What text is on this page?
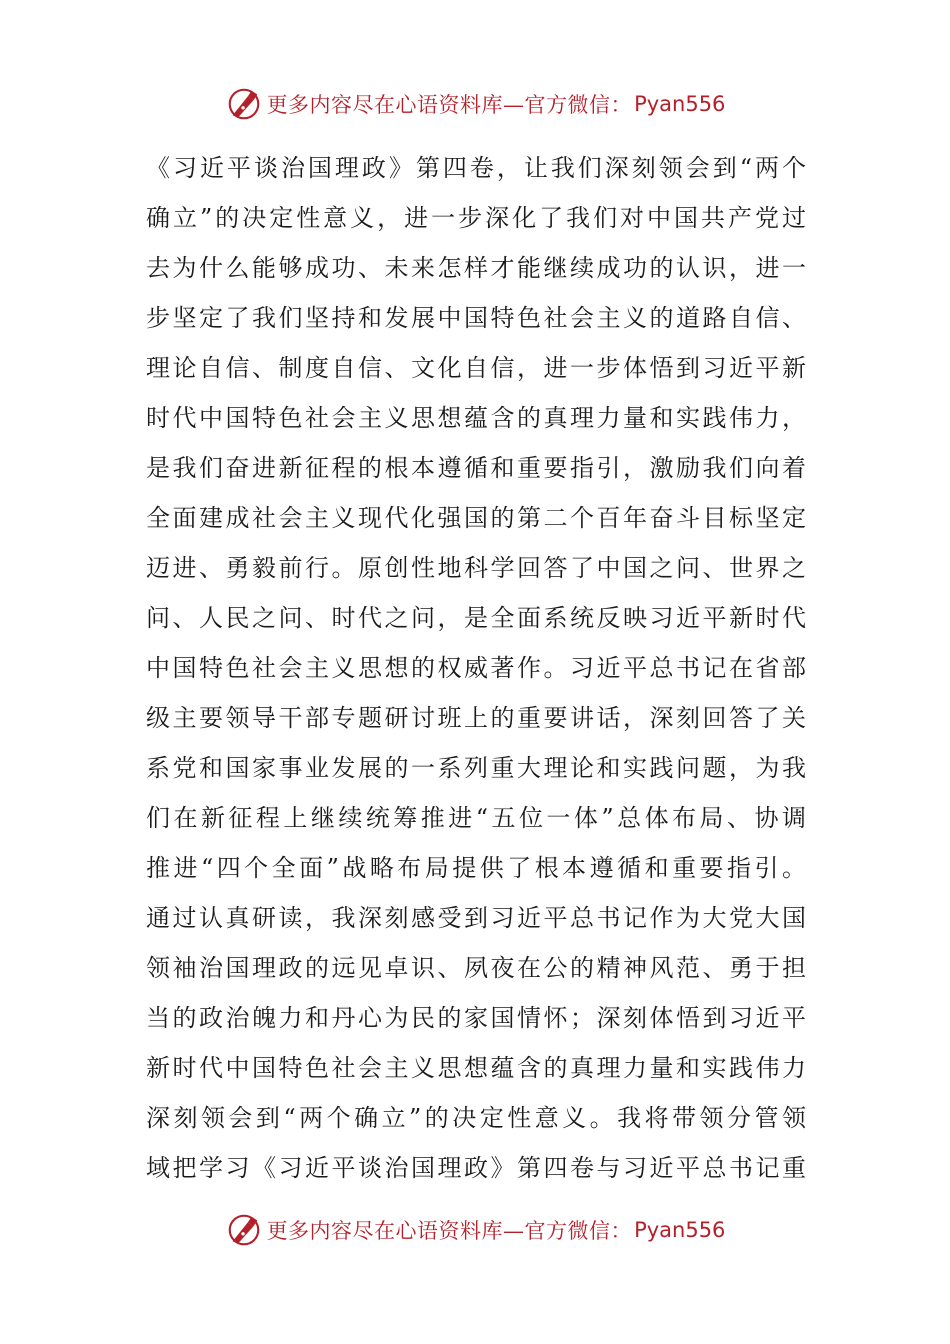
更多内容尽在心语资料库—官方微信： Pyan556
《习近平谈治国理政》第四卷，让我们深刻领会到“两个
确立”的决定性意义，进一步深化了我们对中国共产党过
去为什么能够成功、未来怎样才能继续成功的认识，进一
步坚定了我们坚持和发展中国特色社会主义的道路自信、
理论自信、制度自信、文化自信，进一步体悟到习近平新
时代中国特色社会主义思想蕴含的真理力量和实践伟力，
是我们奋进新征程的根本遵循和重要指引，激励我们向着
全面建成社会主义现代化强国的第二个百年奋斗目标坚定
迈进、勇毅前行。原创性地科学回答了中国之问、世界之
问、人民之问、时代之问，是全面系统反映习近平新时代
中国特色社会主义思想的权威著作。习近平总书记在省部
级主要领导干部专题研讨班上的重要讲话，深刻回答了关
系党和国家事业发展的一系列重大理论和实践问题，为我
们在新征程上继续统筹推进“五位一体”总体布局、协调
推进“四个全面”战略布局提供了根本遵循和重要指引。
通过认真研读，我深刻感受到习近平总书记作为大党大国
领袖治国理政的远见卓识、夙夜在公的精神风范、勇于担
当的政治魄力和丹心为民的家国情怀；深刻体悟到习近平
新时代中国特色社会主义思想蕴含的真理力量和实践伟力
深刻领会到“两个确立”的决定性意义。我将带领分管领
域把学习《习近平谈治国理政》第四卷与习近平总书记重
更多内容尽在心语资料库—官方微信： Pyan556
